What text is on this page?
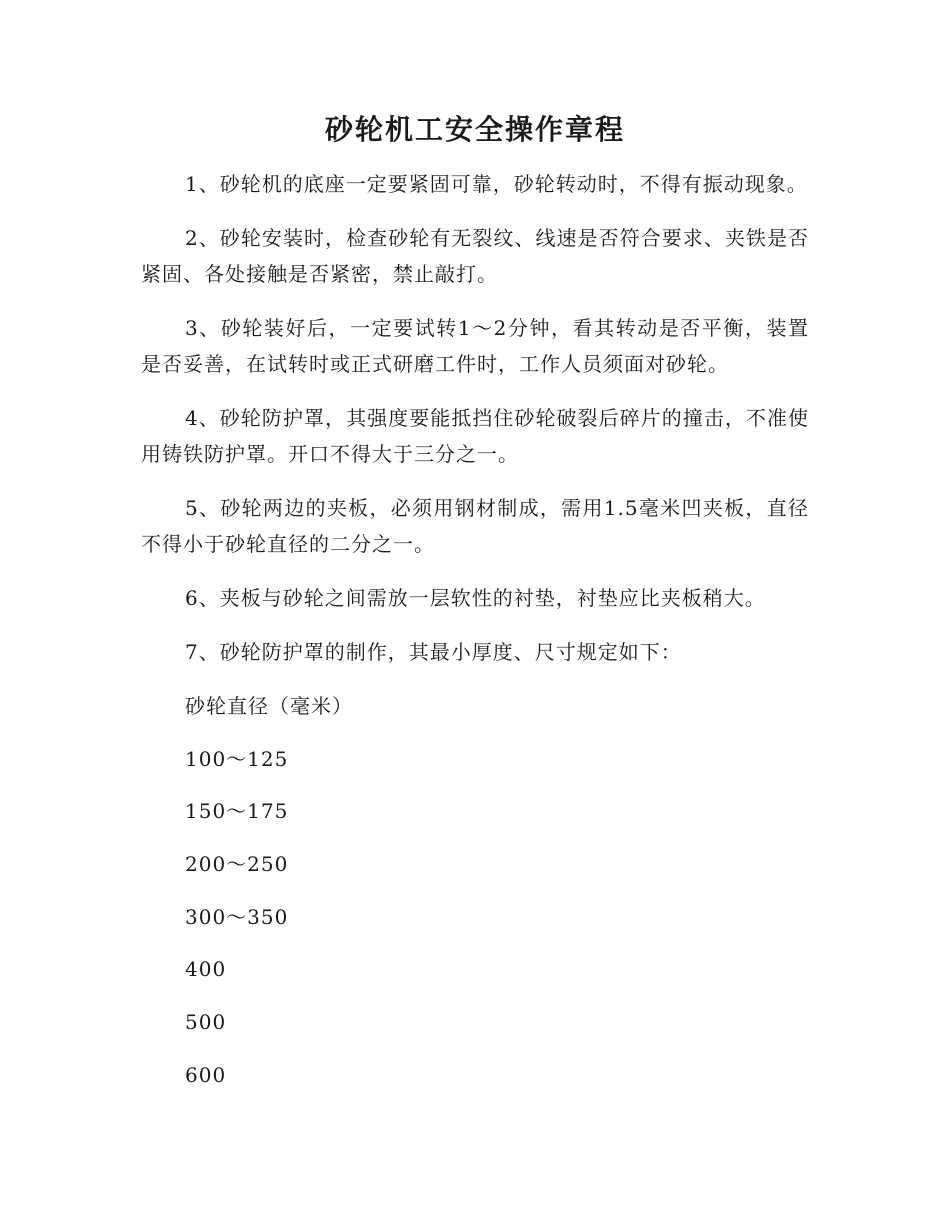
砂轮机工安全操作章程

1、砂轮机的底座一定要紧固可靠，砂轮转动时，不得有振动现象。

2、砂轮安装时，检查砂轮有无裂纹、线速是否符合要求、夹铁是否紧固、各处接触是否紧密，禁止敲打。

3、砂轮装好后，一定要试转1～2分钟，看其转动是否平衡，装置是否妥善，在试转时或正式研磨工件时，工作人员须面对砂轮。

4、砂轮防护罩，其强度要能抵挡住砂轮破裂后碎片的撞击，不准使用铸铁防护罩。开口不得大于三分之一。

5、砂轮两边的夹板，必须用钢材制成，需用1.5毫米凹夹板，直径不得小于砂轮直径的二分之一。

6、夹板与砂轮之间需放一层软性的衬垫，衬垫应比夹板稍大。

7、砂轮防护罩的制作，其最小厚度、尺寸规定如下：

砂轮直径（毫米）

100～125

150～175

200～250

300～350

400

500

600
